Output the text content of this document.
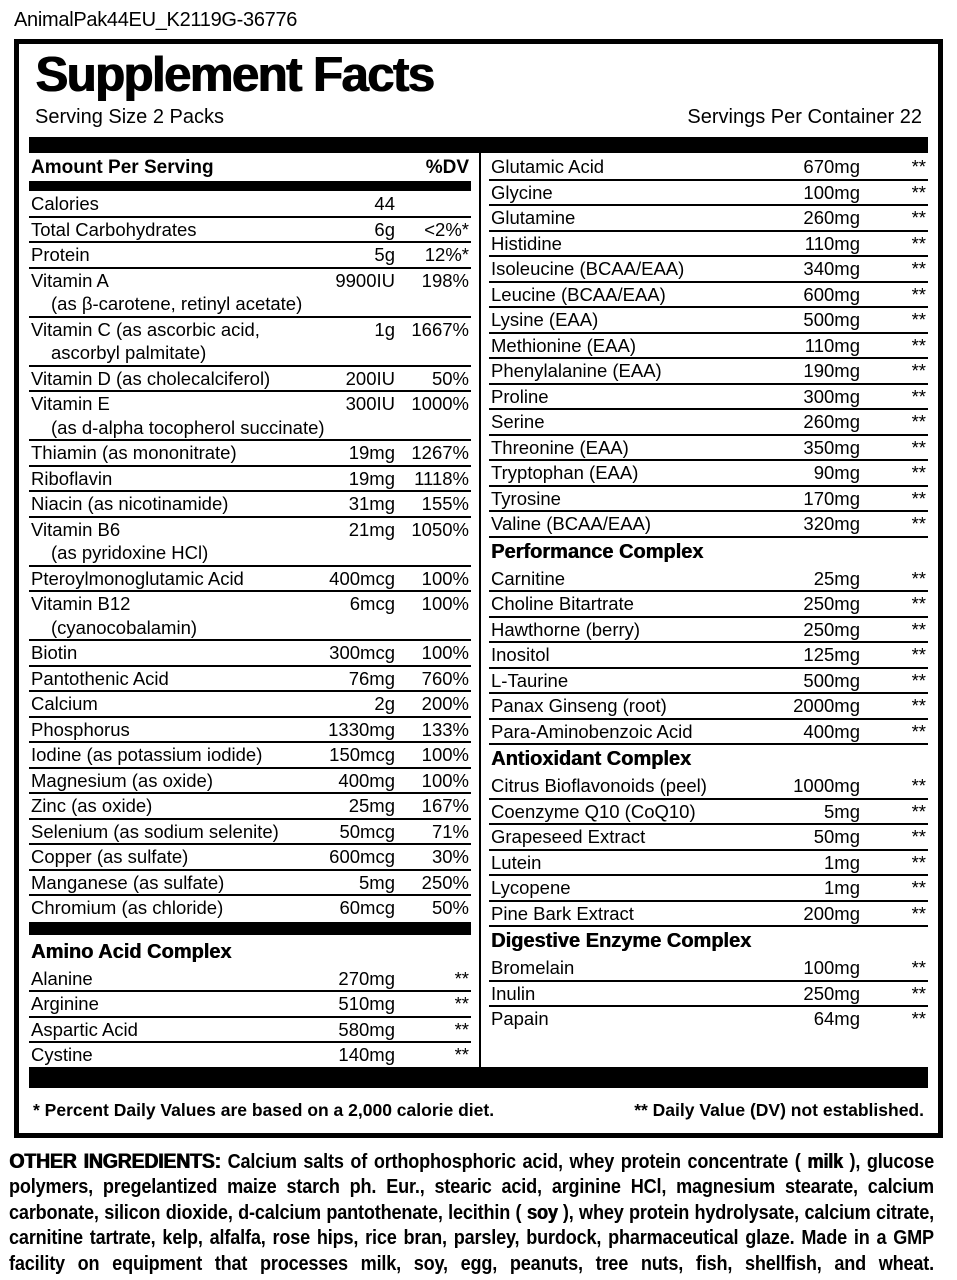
AnimalPak44EU_K2119G-36776
Supplement Facts
Serving Size 2 Packs	Servings Per Container 22
Amount Per Serving	%DV
Calories	44
Total Carbohydrates	6g	<2%*
Protein	5g	12%*
Vitamin A	9900IU	198%
(as β-carotene, retinyl acetate)
Vitamin C (as ascorbic acid,	1g 1667%
ascorbyl palmitate)
Vitamin D (as cholecalciferol)	200IU	50%
Vitamin E	300IU 1000%
(as d-alpha tocopherol succinate)
Thiamin (as mononitrate)	19mg 1267%
Riboflavin	19mg	1118%
Niacin (as nicotinamide)	31mg	155%
Vitamin B6	21mg 1050%
(as pyridoxine HCl)
Pteroylmonoglutamic Acid	400mcg	100%
Vitamin B12	6mcg	100%
(cyanocobalamin)
Biotin	300mcg	100%
Pantothenic Acid	76mg	760%
Calcium	2g	200%
Phosphorus	1330mg	133%
Iodine (as potassium iodide)	150mcg	100%
Magnesium (as oxide)	400mg	100%
Zinc (as oxide)	25mg	167%
Selenium (as sodium selenite)	50mcg	71%
Copper (as sulfate)	600mcg	30%
Manganese (as sulfate)	5mg	250%
Chromium (as chloride)	60mcg	50%
Amino Acid Complex
Alanine	270mg	**
Arginine	510mg	**
Aspartic Acid	580mg	**
Cystine	140mg	**
Glutamic Acid	670mg	**
Glycine	100mg	**
Glutamine	260mg	**
Histidine	110mg	**
Isoleucine (BCAA/EAA)	340mg	**
Leucine (BCAA/EAA)	600mg	**
Lysine (EAA)	500mg	**
Methionine (EAA)	110mg	**
Phenylalanine (EAA)	190mg	**
Proline	300mg	**
Serine	260mg	**
Threonine (EAA)	350mg	**
Tryptophan (EAA)	90mg	**
Tyrosine	170mg	**
Valine (BCAA/EAA)	320mg	**
Performance Complex
Carnitine	25mg	**
Choline Bitartrate	250mg	**
Hawthorne (berry)	250mg	**
Inositol	125mg	**
L-Taurine	500mg	**
Panax Ginseng (root)	2000mg	**
Para-Aminobenzoic Acid	400mg	**
Antioxidant Complex
Citrus Bioflavonoids (peel)	1000mg	**
Coenzyme Q10 (CoQ10)	5mg	**
Grapeseed Extract	50mg	**
Lutein	1mg	**
Lycopene	1mg	**
Pine Bark Extract	200mg	**
Digestive Enzyme Complex
Bromelain	100mg	**
Inulin	250mg	**
Papain	64mg	**
* Percent Daily Values are based on a 2,000 calorie diet.	** Daily Value (DV) not established.
OTHER INGREDIENTS: Calcium salts of orthophosphoric acid, whey protein concentrate ( milk ), glucose polymers, pregelantized maize starch ph. Eur., stearic acid, arginine HCl, magnesium stearate, calcium carbonate, silicon dioxide, d-calcium pantothenate, lecithin ( soy ), whey protein hydrolysate, calcium citrate, carnitine tartrate, kelp, alfalfa, rose hips, rice bran, parsley, burdock, pharmaceutical glaze. Made in a GMP facility on equipment that processes milk, soy, egg, peanuts, tree nuts, fish, shellfish, and wheat.
